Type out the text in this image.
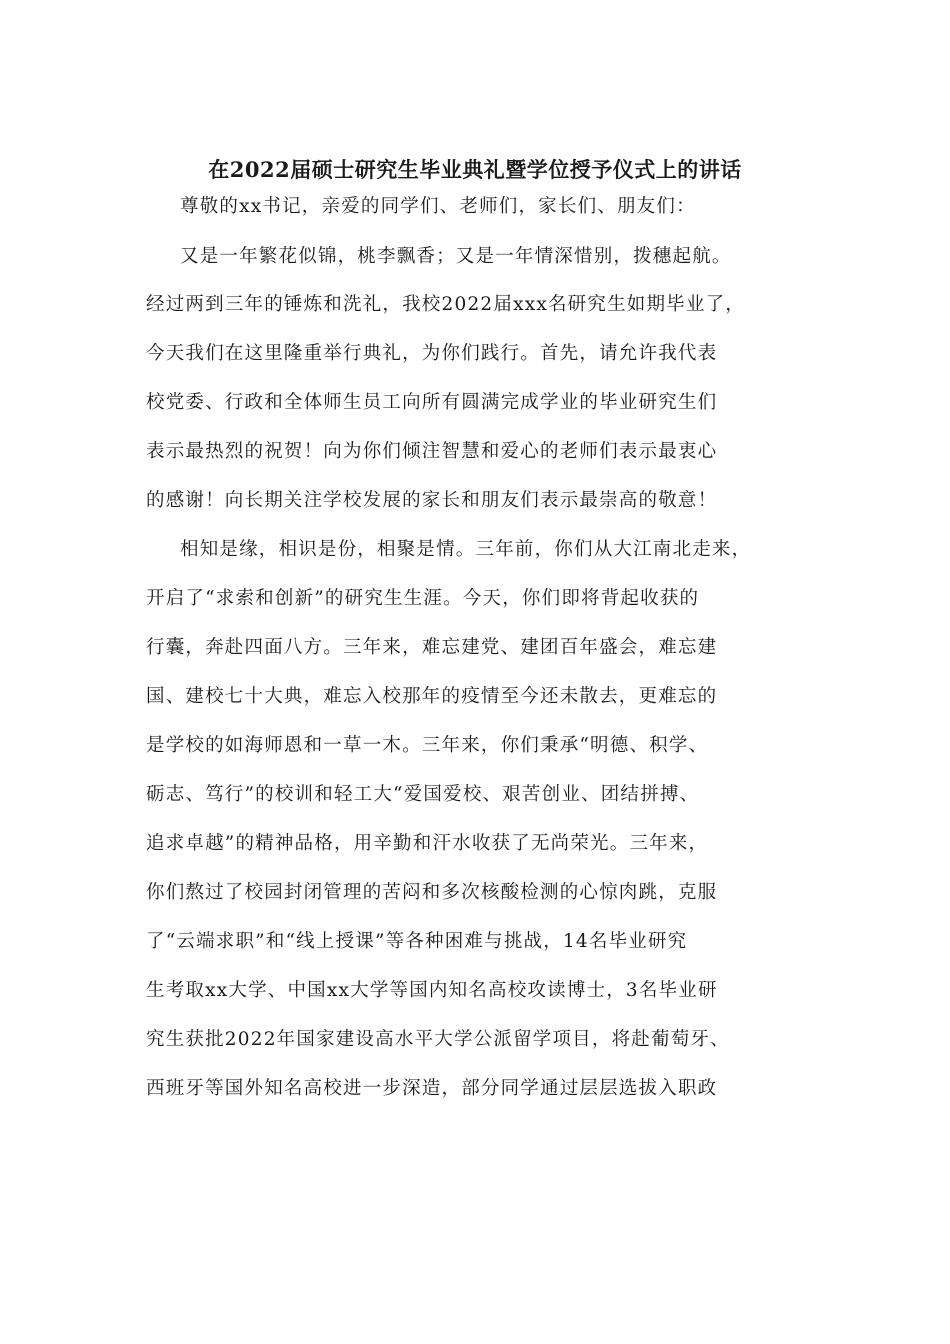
在2022届硕士研究生毕业典礼暨学位授予仪式上的讲话

尊敬的xx书记，亲爱的同学们、老师们，家长们、朋友们：

又是一年繁花似锦，桃李飘香；又是一年情深惜别，拨穗起航。

经过两到三年的锤炼和洗礼，我校2022届xxx名研究生如期毕业了，

今天我们在这里隆重举行典礼，为你们践行。首先，请允许我代表

校党委、行政和全体师生员工向所有圆满完成学业的毕业研究生们

表示最热烈的祝贺！向为你们倾注智慧和爱心的老师们表示最衷心

的感谢！向长期关注学校发展的家长和朋友们表示最崇高的敬意！

相知是缘，相识是份，相聚是情。三年前，你们从大江南北走来，

开启了“求索和创新”的研究生生涯。今天，你们即将背起收获的

行囊，奔赴四面八方。三年来，难忘建党、建团百年盛会，难忘建

国、建校七十大典，难忘入校那年的疫情至今还未散去，更难忘的

是学校的如海师恩和一草一木。三年来，你们秉承“明德、积学、

砺志、笃行”的校训和轻工大“爱国爱校、艰苦创业、团结拼搏、

追求卓越”的精神品格，用辛勤和汗水收获了无尚荣光。三年来，

你们熬过了校园封闭管理的苦闷和多次核酸检测的心惊肉跳，克服

了“云端求职”和“线上授课”等各种困难与挑战，14名毕业研究

生考取xx大学、中国xx大学等国内知名高校攻读博士，3名毕业研

究生获批2022年国家建设高水平大学公派留学项目，将赴葡萄牙、

西班牙等国外知名高校进一步深造，部分同学通过层层选拔入职政
